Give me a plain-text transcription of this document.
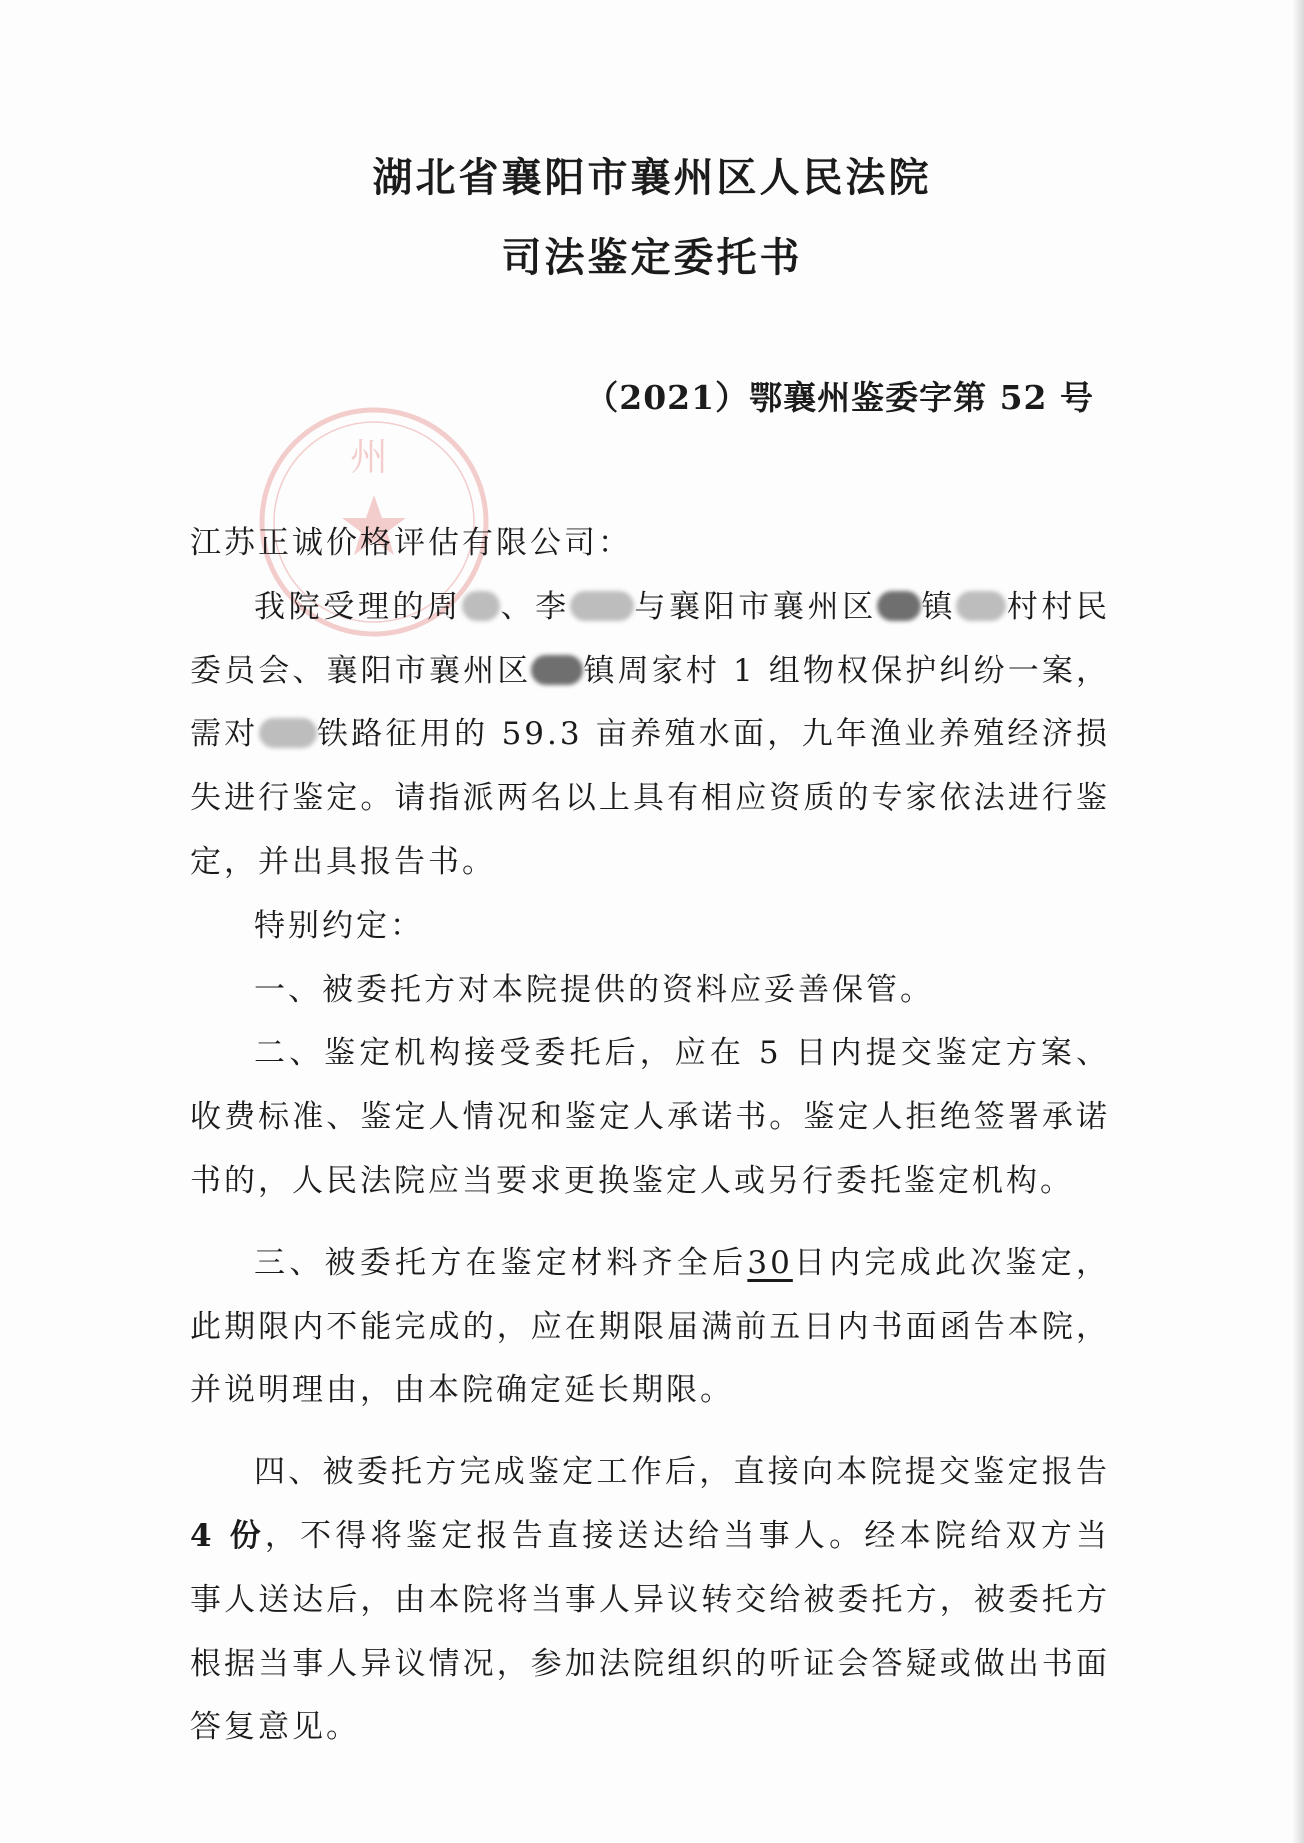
湖北省襄阳市襄州区人民法院
司法鉴定委托书
（2021）鄂襄州鉴委字第 52 号
州

江苏正诚价格评估有限公司：

我院受理的周 、李 与襄阳市襄州区 镇 村村民委员会、襄阳市襄州区 镇周家村 1 组物权保护纠纷一案，需对 铁路征用的 59.3 亩养殖水面，九年渔业养殖经济损失进行鉴定。请指派两名以上具有相应资质的专家依法进行鉴定，并出具报告书。

特别约定：

一、被委托方对本院提供的资料应妥善保管。

二、鉴定机构接受委托后，应在 5 日内提交鉴定方案、收费标准、鉴定人情况和鉴定人承诺书。鉴定人拒绝签署承诺书的，人民法院应当要求更换鉴定人或另行委托鉴定机构。

三、被委托方在鉴定材料齐全后30日内完成此次鉴定，此期限内不能完成的，应在期限届满前五日内书面函告本院，并说明理由，由本院确定延长期限。

四、被委托方完成鉴定工作后，直接向本院提交鉴定报告4 份，不得将鉴定报告直接送达给当事人。经本院给双方当事人送达后，由本院将当事人异议转交给被委托方，被委托方根据当事人异议情况，参加法院组织的听证会答疑或做出书面答复意见。
